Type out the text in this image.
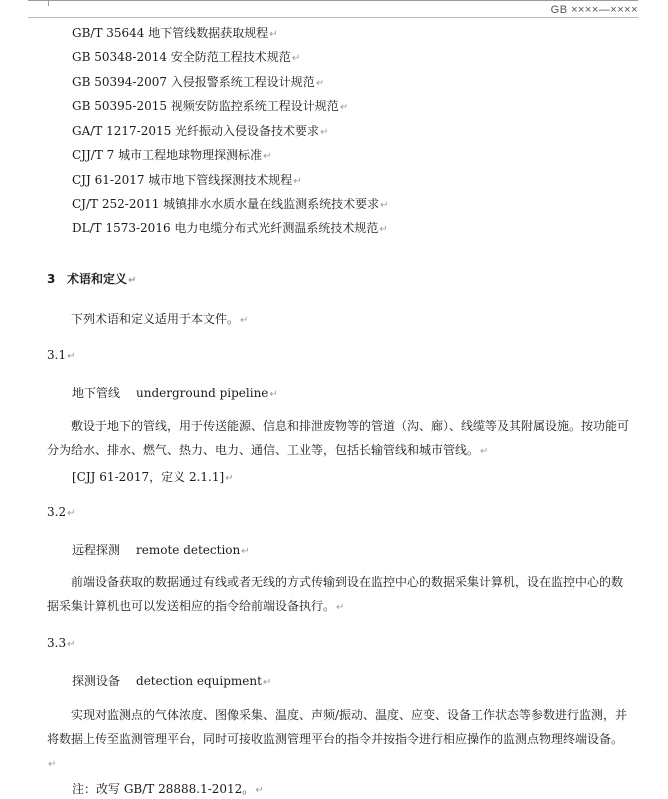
GB ××××—××××
GB/T 35644 地下管线数据获取规程↵
GB 50348-2014 安全防范工程技术规范↵
GB 50394-2007 入侵报警系统工程设计规范↵
GB 50395-2015 视频安防监控系统工程设计规范↵
GA/T 1217-2015 光纤振动入侵设备技术要求↵
CJJ/T 7 城市工程地球物理探测标准↵
CJJ 61-2017 城市地下管线探测技术规程↵
CJ/T 252-2011 城镇排水水质水量在线监测系统技术要求↵
DL/T 1573-2016 电力电缆分布式光纤测温系统技术规范↵
3 术语和定义↵
下列术语和定义适用于本文件。↵
3.1↵
地下管线 underground pipeline↵
敷设于地下的管线，用于传送能源、信息和排泄废物等的管道（沟、廊）、线缆等及其附属设施。按功能可分为给水、排水、燃气、热力、电力、通信、工业等，包括长输管线和城市管线。↵
[CJJ 61-2017，定义 2.1.1]↵
3.2↵
远程探测 remote detection↵
前端设备获取的数据通过有线或者无线的方式传输到设在监控中心的数据采集计算机，设在监控中心的数据采集计算机也可以发送相应的指令给前端设备执行。↵
3.3↵
探测设备 detection equipment↵
实现对监测点的气体浓度、图像采集、温度、声频/振动、温度、应变、设备工作状态等参数进行监测，并将数据上传至监测管理平台，同时可接收监测管理平台的指令并按指令进行相应操作的监测点物理终端设备。↵
注：改写 GB/T 28888.1-2012。↵
